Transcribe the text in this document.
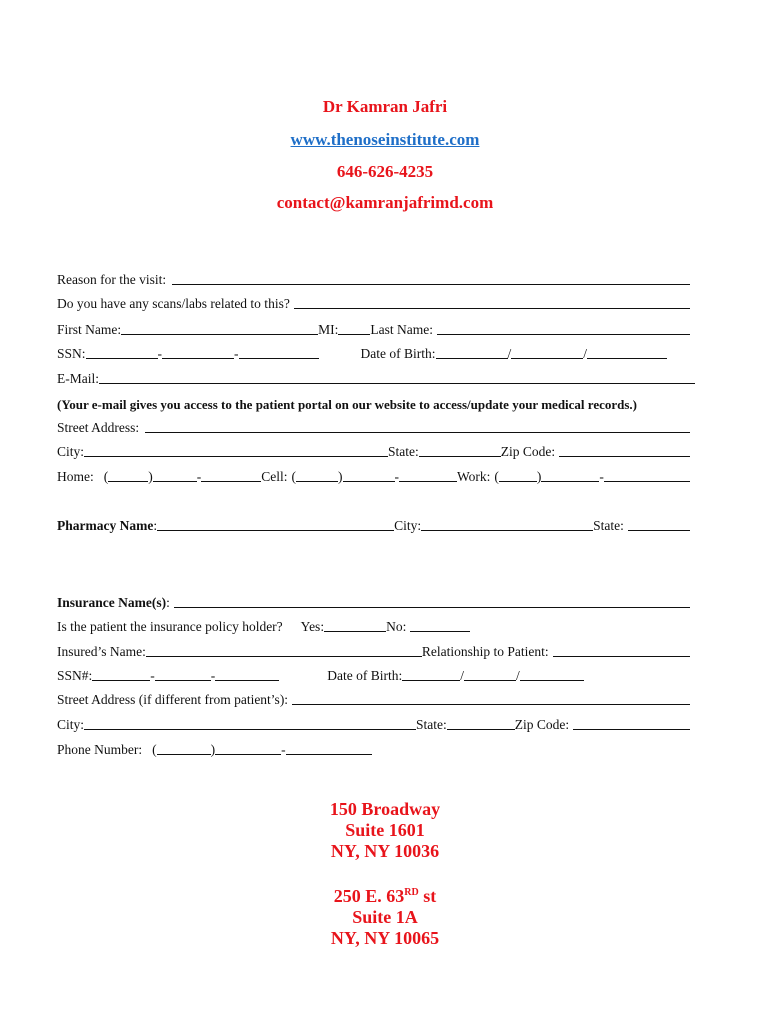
Dr Kamran Jafri
www.thenoseinstitute.com
646-626-4235
contact@kamranjafrimd.com
Reason for the visit:
Do you have any scans/labs related to this?
First Name:	MI: Last Name:
SSN:	-	-	Date of Birth:	/	/
E-Mail:
(Your e-mail gives you access to the patient portal on our website to access/update your medical records.)
Street Address:
City:	State:	Zip Code:
Home: (	)	-	Cell: (	)	-	Work: (	)	-
Pharmacy Name :	City:	State:
Insurance Name(s) :
Is the patient the insurance policy holder? Yes:	No:
Insured’s Name:	Relationship to Patient:
SSN#:	-	-	Date of Birth:	/	/
Street Address (if different from patient’s):
City:	State:	Zip Code:
Phone Number: (	)	-
150 Broadway
Suite 1601
NY, NY 10036
250 E. 63RD st
Suite 1A
NY, NY 10065
